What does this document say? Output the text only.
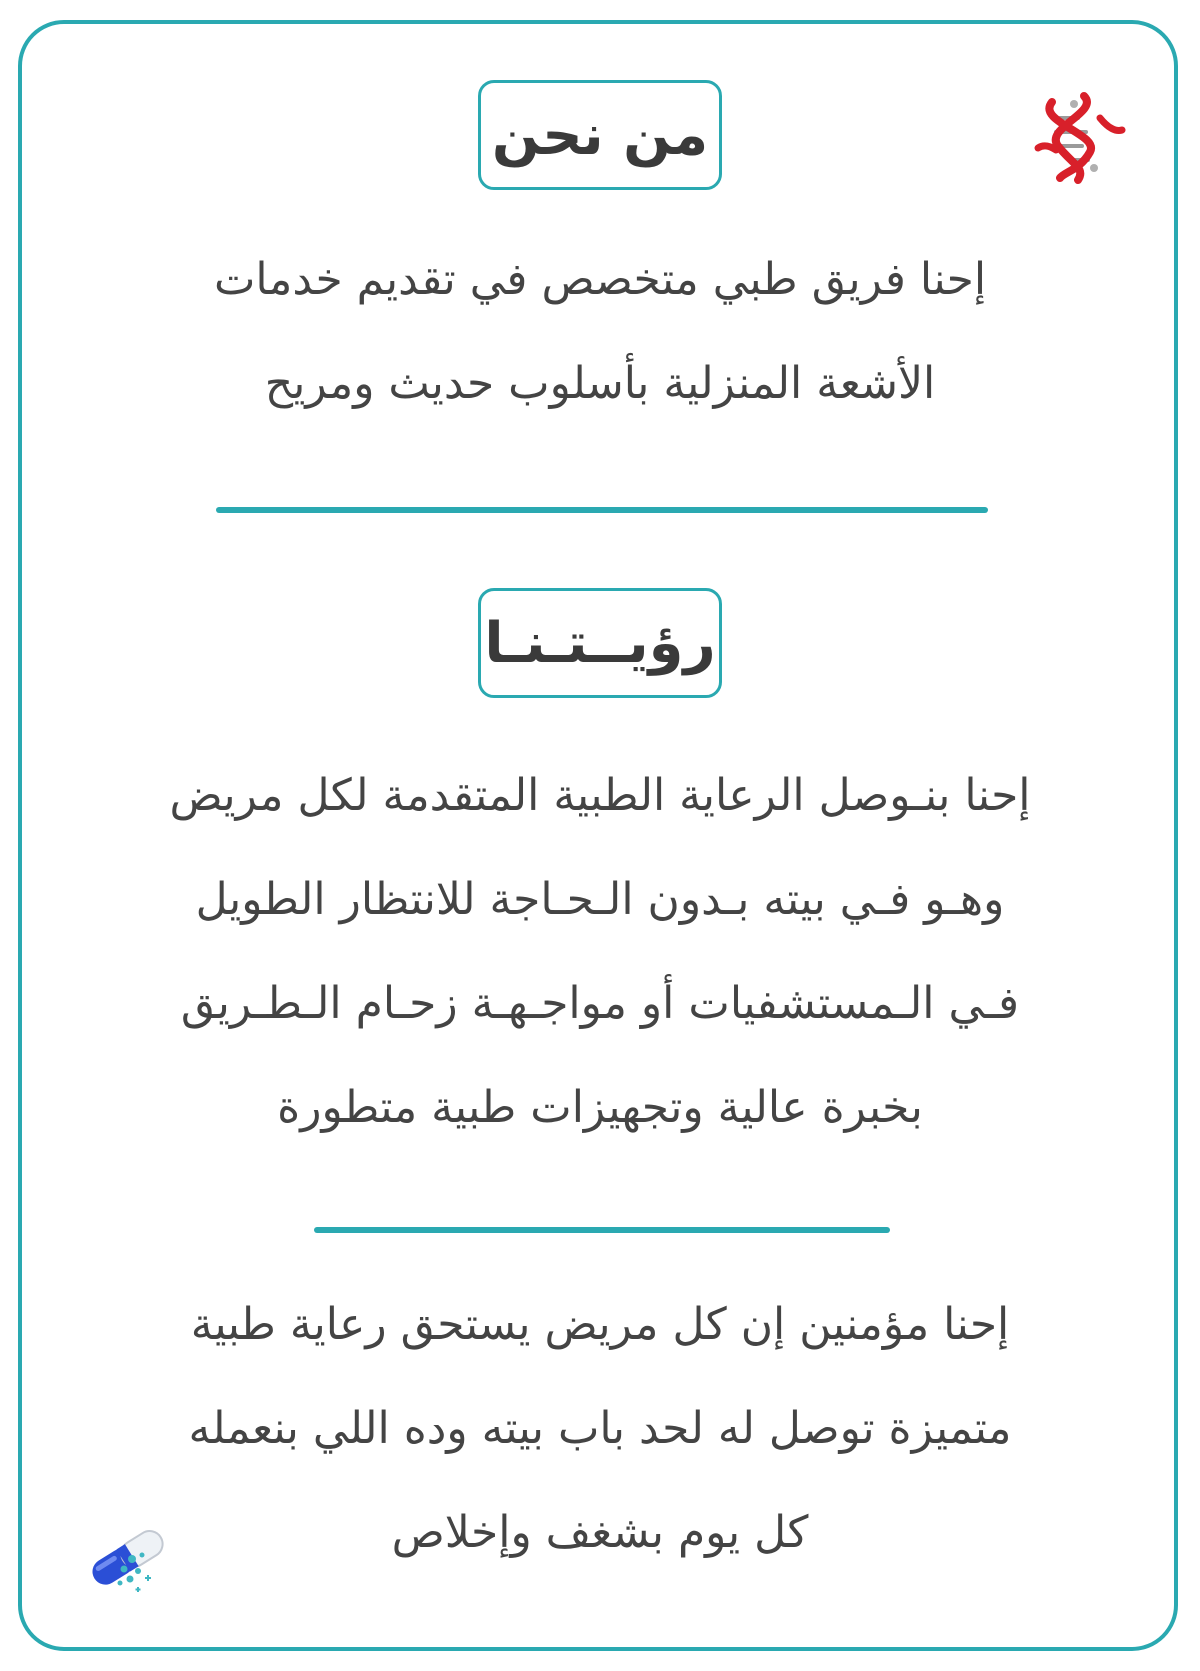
من نحن
إحنا فريق طبي متخصص في تقديم خدمات
الأشعة المنزلية بأسلوب حديث ومريح
رؤيــتـنـا
إحنا بنـوصل الرعاية الطبية المتقدمة لكل مريض
وهـو فـي بيته بـدون الـحـاجة للانتظار الطويل
فـي الـمستشفيات أو مواجـهـة زحـام الـطـريق
بخبرة عالية وتجهيزات طبية متطورة
إحنا مؤمنين إن كل مريض يستحق رعاية طبية
متميزة توصل له لحد باب بيته وده اللي بنعمله
كل يوم بشغف وإخلاص
